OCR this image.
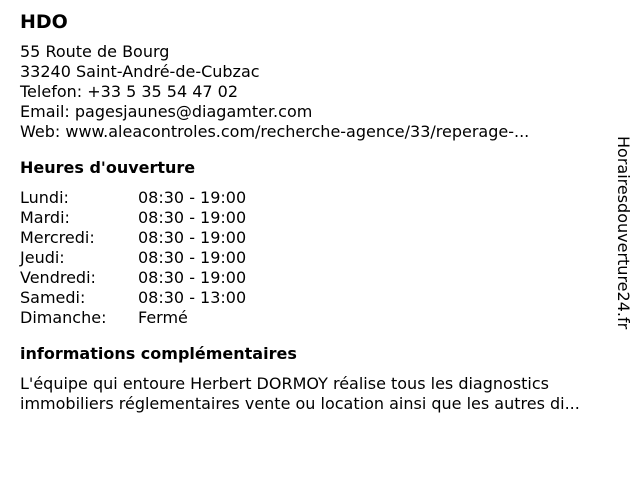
HDO
55 Route de Bourg
33240 Saint-André-de-Cubzac
Telefon: +33 5 35 54 47 02
Email: pagesjaunes@diagamter.com
Web: www.aleacontroles.com/recherche-agence/33/reperage-...
Heures d'ouverture
Lundi:	08:30 - 19:00
Mardi:	08:30 - 19:00
Mercredi:	08:30 - 19:00
Jeudi:	08:30 - 19:00
Vendredi:	08:30 - 19:00
Samedi:	08:30 - 13:00
Dimanche:	Fermé
informations complémentaires
L'équipe qui entoure Herbert DORMOY réalise tous les diagnostics
immobiliers réglementaires vente ou location ainsi que les autres di...
Horairesdouverture24.fr
